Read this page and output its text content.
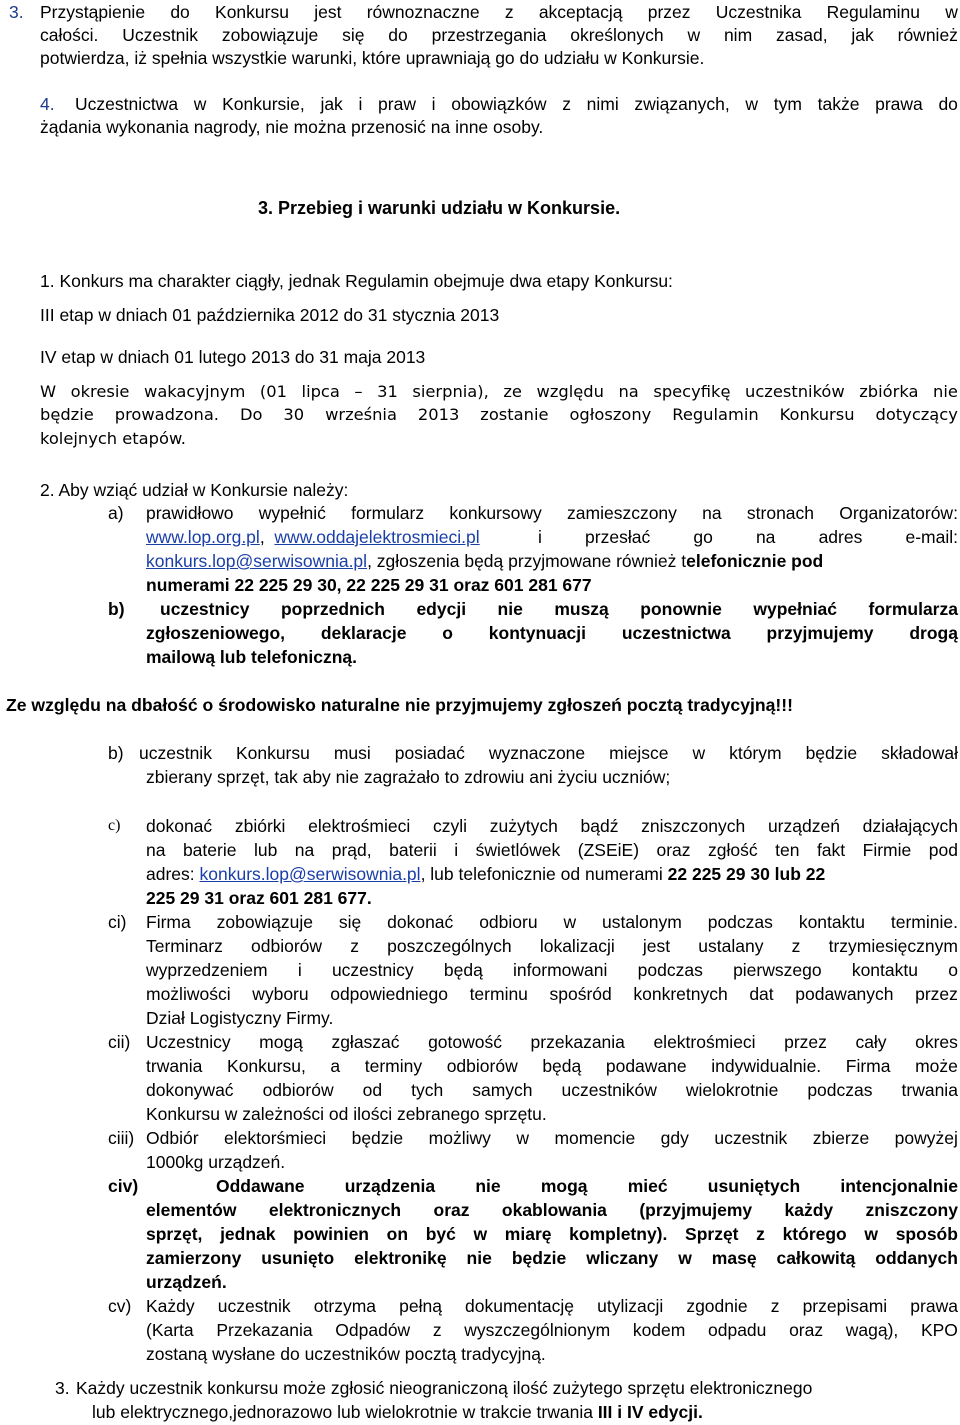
3. Przystąpienie do Konkursu jest równoznaczne z akceptacją przez Uczestnika Regulaminu w
całości. Uczestnik zobowiązuje się do przestrzegania określonych w nim zasad, jak również
potwierdza, iż spełnia wszystkie warunki, które uprawniają go do udziału w Konkursie.
4. Uczestnictwa w Konkursie, jak i praw i obowiązków z nimi związanych, w tym także prawa do
żądania wykonania nagrody, nie można przenosić na inne osoby.
3. Przebieg i warunki udziału w Konkursie.
1. Konkurs ma charakter ciągły, jednak Regulamin obejmuje dwa etapy Konkursu:
III etap w dniach 01 października 2012 do 31 stycznia 2013
IV etap w dniach 01 lutego 2013 do 31 maja 2013
W okresie wakacyjnym (01 lipca – 31 sierpnia), ze względu na specyfikę uczestników zbiórka nie
będzie prowadzona. Do 30 września 2013 zostanie ogłoszony Regulamin Konkursu dotyczący
kolejnych etapów.
2. Aby wziąć udział w Konkursie należy:
a) prawidłowo wypełnić formularz konkursowy zamieszczony na stronach Organizatorów:
www.lop.org.pl, www.oddajelektrosmieci.pl	i przesłać go na adres e-mail:
konkurs.lop@serwisownia.pl, zgłoszenia będą przyjmowane również telefonicznie pod
numerami 22 225 29 30, 22 225 29 31 oraz 601 281 677
b) uczestnicy poprzednich edycji nie muszą ponownie wypełniać formularza
zgłoszeniowego, deklaracje o kontynuacji uczestnictwa przyjmujemy drogą
mailową lub telefoniczną.
Ze względu na dbałość o środowisko naturalne nie przyjmujemy zgłoszeń pocztą tradycyjną!!!
b) uczestnik Konkursu musi posiadać wyznaczone miejsce w którym będzie składował
zbierany sprzęt, tak aby nie zagrażało to zdrowiu ani życiu uczniów;
c) dokonać zbiórki elektrośmieci czyli zużytych bądź zniszczonych urządzeń działających
na baterie lub na prąd, baterii i świetlówek (ZSEiE) oraz zgłość ten fakt Firmie pod
adres: konkurs.lop@serwisownia.pl, lub telefonicznie od numerami 22 225 29 30 lub 22
225 29 31 oraz 601 281 677.
ci) Firma zobowiązuje się dokonać odbioru w ustalonym podczas kontaktu terminie.
Terminarz odbiorów z poszczególnych lokalizacji jest ustalany z trzymiesięcznym
wyprzedzeniem i uczestnicy będą informowani podczas pierwszego kontaktu o
możliwości wyboru odpowiedniego terminu spośród konkretnych dat podawanych przez
Dział Logistyczny Firmy.
cii) Uczestnicy mogą zgłaszać gotowość przekazania elektrośmieci przez cały okres
trwania Konkursu, a terminy odbiorów będą podawane indywidualnie. Firma może
dokonywać odbiorów od tych samych uczestników wielokrotnie podczas trwania
Konkursu w zależności od ilości zebranego sprzętu.
ciii) Odbiór elektorśmieci będzie możliwy w momencie gdy uczestnik zbierze powyżej
1000kg urządzeń.
civ)	Oddawane urządzenia nie mogą mieć usuniętych intencjonalnie
elementów elektronicznych oraz okablowania (przyjmujemy każdy zniszczony
sprzęt, jednak powinien on być w miarę kompletny). Sprzęt z którego w sposób
zamierzony usunięto elektronikę nie będzie wliczany w masę całkowitą oddanych
urządzeń.
cv) Każdy uczestnik otrzyma pełną dokumentację utylizacji zgodnie z przepisami prawa
(Karta Przekazania Odpadów z wyszczególnionym kodem odpadu oraz wagą), KPO
zostaną wysłane do uczestników pocztą tradycyjną.
3. Każdy uczestnik konkursu może zgłosić nieograniczoną ilość zużytego sprzętu elektronicznego
lub elektrycznego,jednorazowo lub wielokrotnie w trakcie trwania III i IV edycji.
